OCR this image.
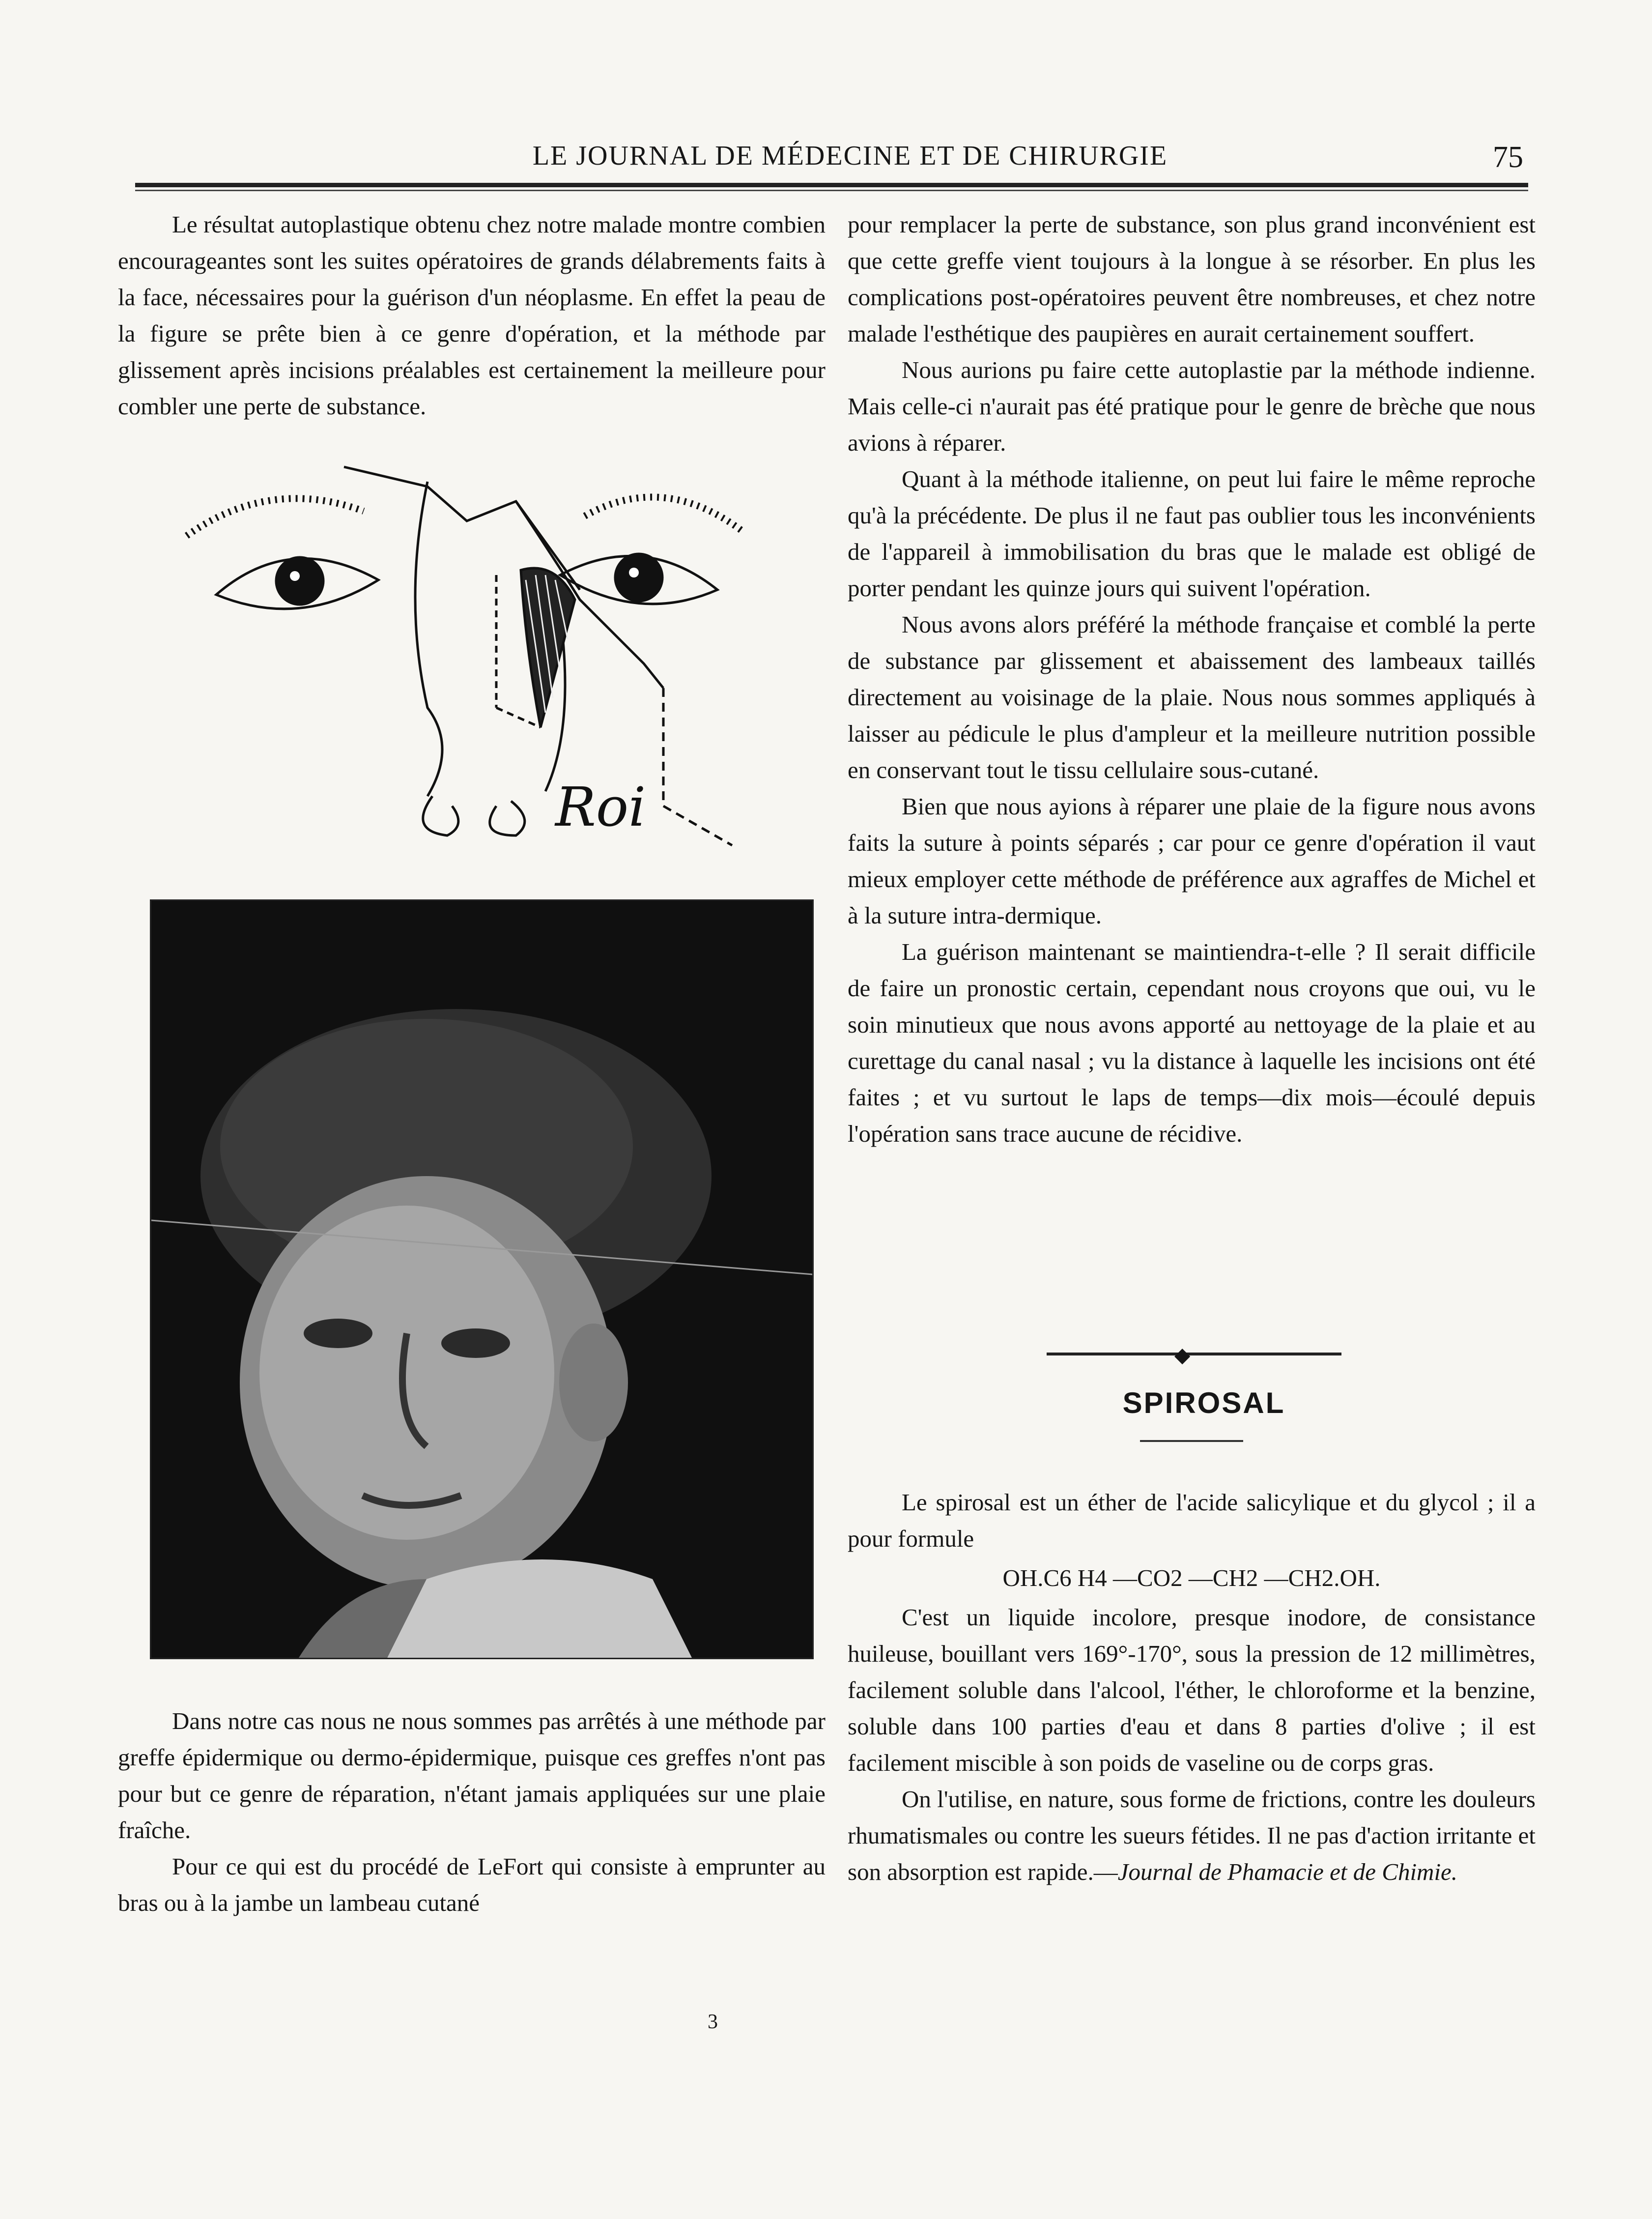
LE JOURNAL DE MÉDECINE ET DE CHIRURGIE	75

Le résultat autoplastique obtenu chez notre malade montre combien encourageantes sont les suites opératoires de grands délabrements faits à la face, nécessaires pour la guérison d'un néoplasme. En effet la peau de la figure se prête bien à ce genre d'opération, et la méthode par glissement après incisions préalables est certainement la meilleure pour combler une perte de substance.

Roi

Dans notre cas nous ne nous sommes pas arrêtés à une méthode par greffe épidermique ou dermo-épidermique, puisque ces greffes n'ont pas pour but ce genre de réparation, n'étant jamais appliquées sur une plaie fraîche.

Pour ce qui est du procédé de LeFort qui consiste à emprunter au bras ou à la jambe un lambeau cutané

pour remplacer la perte de substance, son plus grand inconvénient est que cette greffe vient toujours à la longue à se résorber. En plus les complications post-opératoires peuvent être nombreuses, et chez notre malade l'esthétique des paupières en aurait certainement souffert.

Nous aurions pu faire cette autoplastie par la méthode indienne. Mais celle-ci n'aurait pas été pratique pour le genre de brèche que nous avions à réparer.

Quant à la méthode italienne, on peut lui faire le même reproche qu'à la précédente. De plus il ne faut pas oublier tous les inconvénients de l'appareil à immobilisation du bras que le malade est obligé de porter pendant les quinze jours qui suivent l'opération.

Nous avons alors préféré la méthode française et comblé la perte de substance par glissement et abaissement des lambeaux taillés directement au voisinage de la plaie. Nous nous sommes appliqués à laisser au pédicule le plus d'ampleur et la meilleure nutrition possible en conservant tout le tissu cellulaire sous-cutané.

Bien que nous ayions à réparer une plaie de la figure nous avons faits la suture à points séparés ; car pour ce genre d'opération il vaut mieux employer cette méthode de préférence aux agraffes de Michel et à la suture intra-dermique.

La guérison maintenant se maintiendra-t-elle ? Il serait difficile de faire un pronostic certain, cependant nous croyons que oui, vu le soin minutieux que nous avons apporté au nettoyage de la plaie et au curettage du canal nasal ; vu la distance à laquelle les incisions ont été faites ; et vu surtout le laps de temps—dix mois—écoulé depuis l'opération sans trace aucune de récidive.

◆
SPIROSAL

Le spirosal est un éther de l'acide salicylique et du glycol ; il a pour formule

OH.C6 H4 —CO2 —CH2 —CH2.OH.

C'est un liquide incolore, presque inodore, de consistance huileuse, bouillant vers 169°-170°, sous la pression de 12 millimètres, facilement soluble dans l'alcool, l'éther, le chloroforme et la benzine, soluble dans 100 parties d'eau et dans 8 parties d'olive ; il est facilement miscible à son poids de vaseline ou de corps gras.

On l'utilise, en nature, sous forme de frictions, contre les douleurs rhumatismales ou contre les sueurs fétides. Il ne pas d'action irritante et son absorption est rapide.—Journal de Phamacie et de Chimie.

3
